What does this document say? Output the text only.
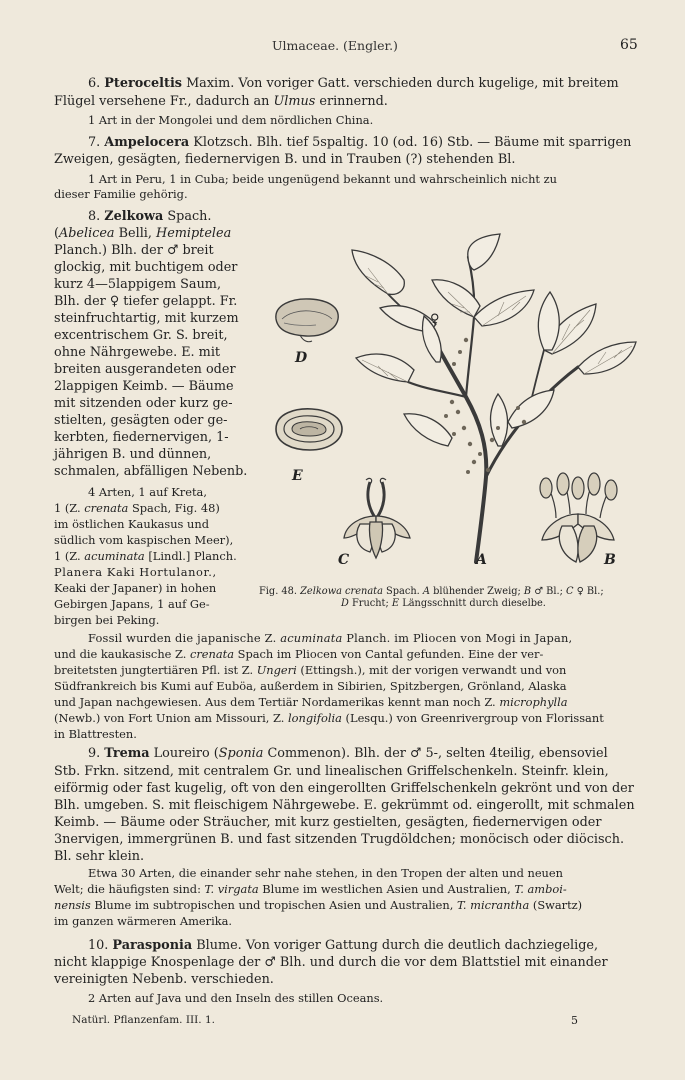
Ulmaceae. (Engler.)	65
6. Pteroceltis Maxim. Von voriger Gatt. verschieden durch kugelige, mit breitem
Flügel versehene Fr., dadurch an Ulmus erinnernd.
1 Art in der Mongolei und dem nördlichen China.
7. Ampelocera Klotzsch. Blh. tief 5spaltig. 10 (od. 16) Stb. — Bäume mit sparrigen
Zweigen, gesägten, fiedernervigen B. und in Trauben (?) stehenden Bl.
1 Art in Peru, 1 in Cuba; beide ungenügend bekannt und wahrscheinlich nicht zu
dieser Familie gehörig.
8. Zelkowa Spach.
(Abelicea Belli, Hemiptelea
Planch.) Blh. der ♂ breit
glockig, mit buchtigem oder
kurz 4—5lappigem Saum,
Blh. der ♀ tiefer gelappt. Fr.
steinfruchtartig, mit kurzem
excentrischem Gr. S. breit,
ohne Nährgewebe. E. mit
breiten ausgerandeten oder
2lappigen Keimb. — Bäume
mit sitzenden oder kurz ge-
stielten, gesägten oder ge-
kerbten, fiedernervigen, 1-
jährigen B. und dünnen,
schmalen, abfälligen Nebenb.
4 Arten, 1 auf Kreta,
1 (Z. crenata Spach, Fig. 48)
im östlichen Kaukasus und
südlich vom kaspischen Meer),
1 (Z. acuminata [Lindl.] Planch.
Planera Kaki Hortulanor.,
Keaki der Japaner) in hohen
Gebirgen Japans, 1 auf Ge-
birgen bei Peking.
D
E
♀
A
C	B
Fig. 48. Zelkowa crenata Spach. A blühender Zweig; B ♂ Bl.; C ♀ Bl.;
D Frucht; E Längsschnitt durch dieselbe.
Fossil wurden die japanische Z. acuminata Planch. im Pliocen von Mogi in Japan,
und die kaukasische Z. crenata Spach im Pliocen von Cantal gefunden. Eine der ver-
breitetsten jungtertiären Pfl. ist Z. Ungeri (Ettingsh.), mit der vorigen verwandt und von
Südfrankreich bis Kumi auf Euböa, außerdem in Sibirien, Spitzbergen, Grönland, Alaska
und Japan nachgewiesen. Aus dem Tertiär Nordamerikas kennt man noch Z. microphylla
(Newb.) von Fort Union am Missouri, Z. longifolia (Lesqu.) von Greenrivergroup von Florissant
in Blattresten.
9. Trema Loureiro (Sponia Commenon). Blh. der ♂ 5-, selten 4teilig, ebensoviel
Stb. Frkn. sitzend, mit centralem Gr. und linealischen Griffelschenkeln. Steinfr. klein,
eiförmig oder fast kugelig, oft von den eingerollten Griffelschenkeln gekrönt und von der
Blh. umgeben. S. mit fleischigem Nährgewebe. E. gekrümmt od. eingerollt, mit schmalen
Keimb. — Bäume oder Sträucher, mit kurz gestielten, gesägten, fiedernervigen oder
3nervigen, immergrünen B. und fast sitzenden Trugdöldchen; monöcisch oder diöcisch.
Bl. sehr klein.
Etwa 30 Arten, die einander sehr nahe stehen, in den Tropen der alten und neuen
Welt; die häufigsten sind: T. virgata Blume im westlichen Asien und Australien, T. amboi-
nensis Blume im subtropischen und tropischen Asien und Australien, T. micrantha (Swartz)
im ganzen wärmeren Amerika.
10. Parasponia Blume. Von voriger Gattung durch die deutlich dachziegelige,
nicht klappige Knospenlage der ♂ Blh. und durch die vor dem Blattstiel mit einander
vereinigten Nebenb. verschieden.
2 Arten auf Java und den Inseln des stillen Oceans.
Natürl. Pflanzenfam. III. 1.	5
